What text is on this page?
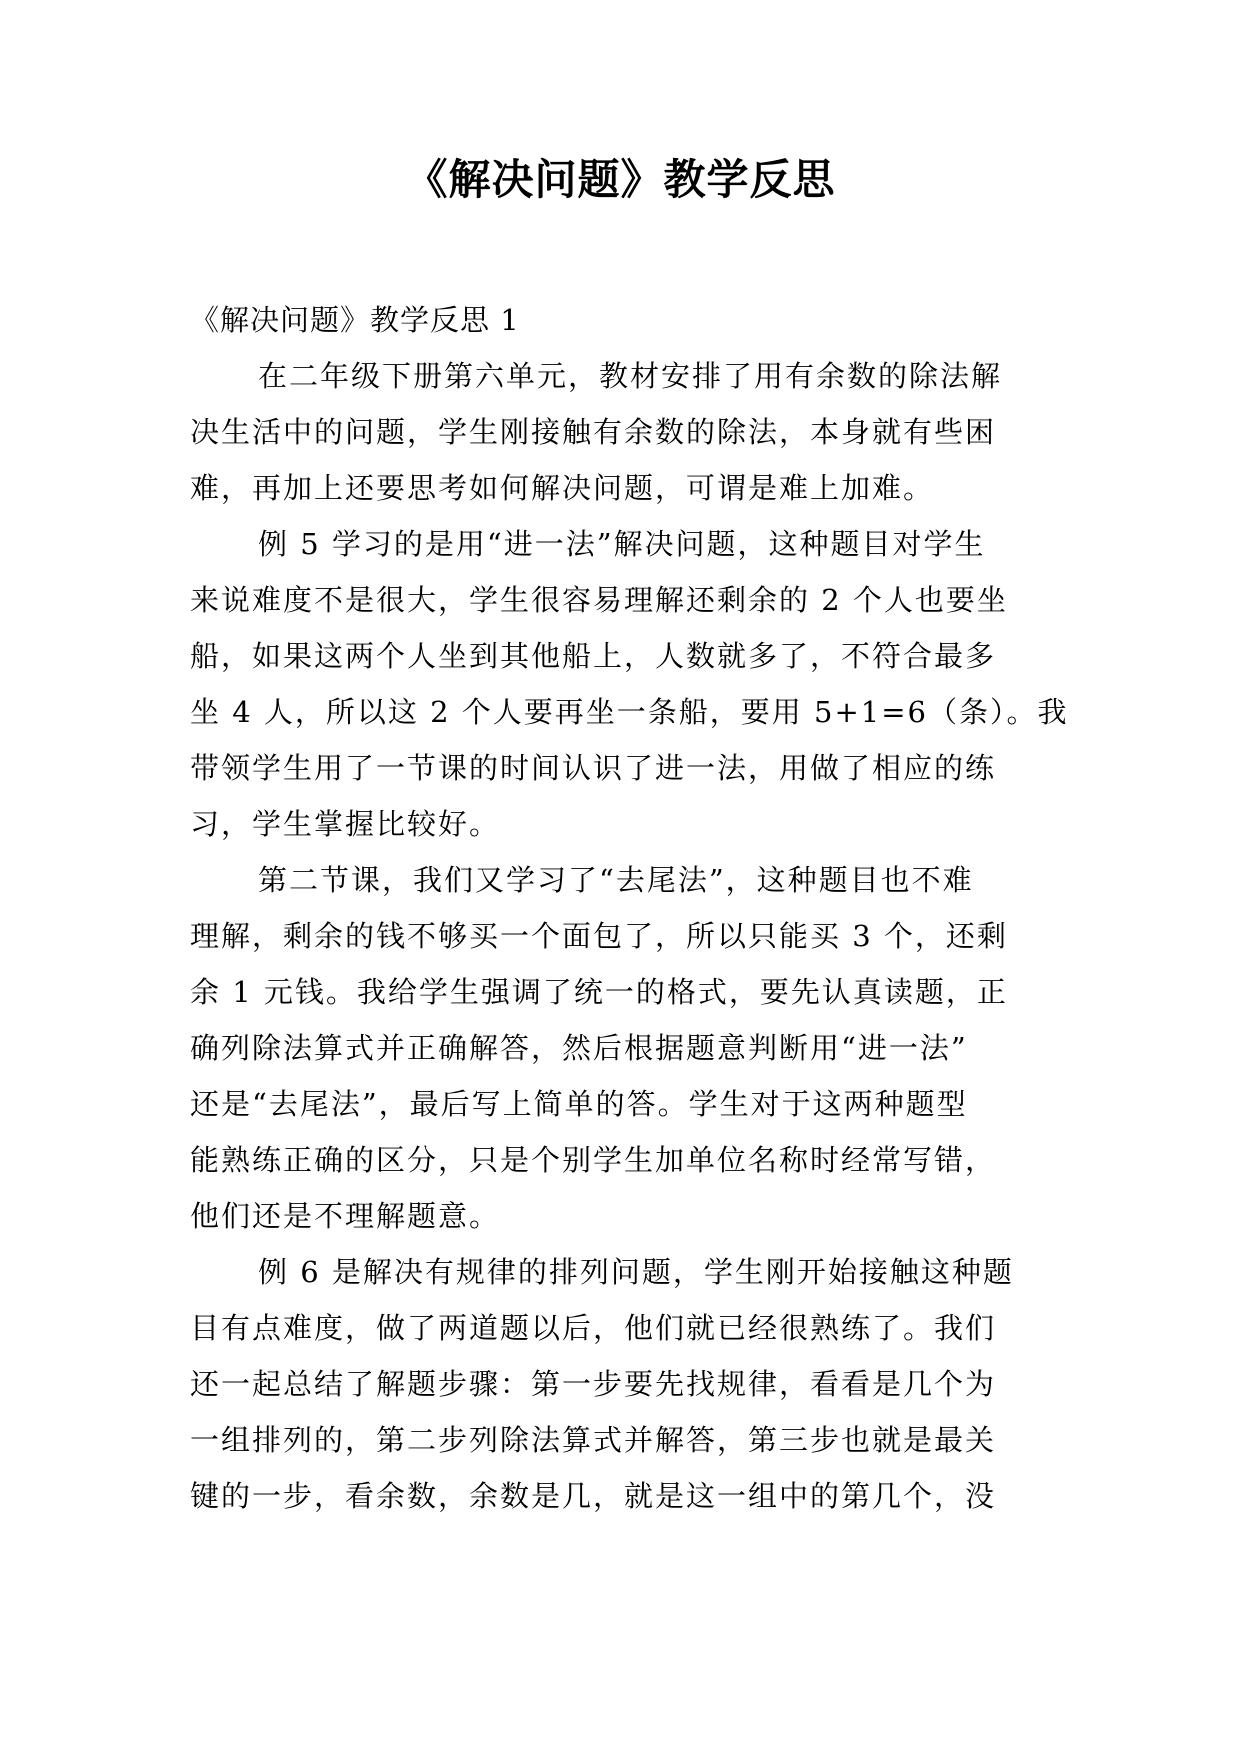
《解决问题》教学反思
《解决问题》教学反思 1
在二年级下册第六单元，教材安排了用有余数的除法解
决生活中的问题，学生刚接触有余数的除法，本身就有些困
难，再加上还要思考如何解决问题，可谓是难上加难。
例 5 学习的是用“进一法”解决问题，这种题目对学生
来说难度不是很大，学生很容易理解还剩余的 2 个人也要坐
船，如果这两个人坐到其他船上，人数就多了，不符合最多
坐 4 人，所以这 2 个人要再坐一条船，要用 5+1=6（条）。我
带领学生用了一节课的时间认识了进一法，用做了相应的练
习，学生掌握比较好。
第二节课，我们又学习了“去尾法”，这种题目也不难
理解，剩余的钱不够买一个面包了，所以只能买 3 个，还剩
余 1 元钱。我给学生强调了统一的格式，要先认真读题，正
确列除法算式并正确解答，然后根据题意判断用“进一法”
还是“去尾法”，最后写上简单的答。学生对于这两种题型
能熟练正确的区分，只是个别学生加单位名称时经常写错，
他们还是不理解题意。
例 6 是解决有规律的排列问题，学生刚开始接触这种题
目有点难度，做了两道题以后，他们就已经很熟练了。我们
还一起总结了解题步骤：第一步要先找规律，看看是几个为
一组排列的，第二步列除法算式并解答，第三步也就是最关
键的一步，看余数，余数是几，就是这一组中的第几个，没
